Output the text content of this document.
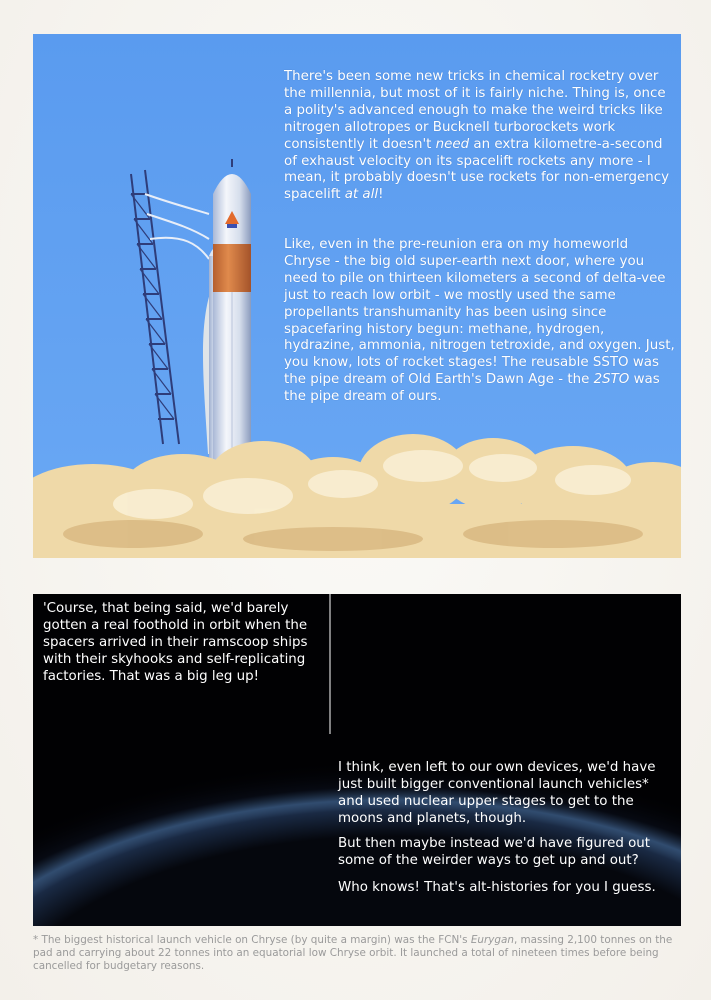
There's been some new tricks in chemical rocketry over the millennia, but most of it is fairly niche. Thing is, once a polity's advanced enough to make the weird tricks like nitrogen allotropes or Bucknell turborockets work consistently it doesn't need an extra kilometre-a-second of exhaust velocity on its spacelift rockets any more - I mean, it probably doesn't use rockets for non-emergency spacelift at all!
Like, even in the pre-reunion era on my homeworld Chryse - the big old super-earth next door, where you need to pile on thirteen kilometers a second of delta-vee just to reach low orbit - we mostly used the same propellants transhumanity has been using since spacefaring history begun: methane, hydrogen, hydrazine, ammonia, nitrogen tetroxide, and oxygen. Just, you know, lots of rocket stages! The reusable SSTO was the pipe dream of Old Earth's Dawn Age - the 2STO was the pipe dream of ours.
'Course, that being said, we'd barely gotten a real foothold in orbit when the spacers arrived in their ramscoop ships with their skyhooks and self-replicating factories. That was a big leg up!
I think, even left to our own devices, we'd have just built bigger conventional launch vehicles* and used nuclear upper stages to get to the moons and planets, though.
But then maybe instead we'd have figured out some of the weirder ways to get up and out?
Who knows! That's alt-histories for you I guess.
* The biggest historical launch vehicle on Chryse (by quite a margin) was the FCN's Eurygan, massing 2,100 tonnes on the pad and carrying about 22 tonnes into an equatorial low Chryse orbit. It launched a total of nineteen times before being cancelled for budgetary reasons.
